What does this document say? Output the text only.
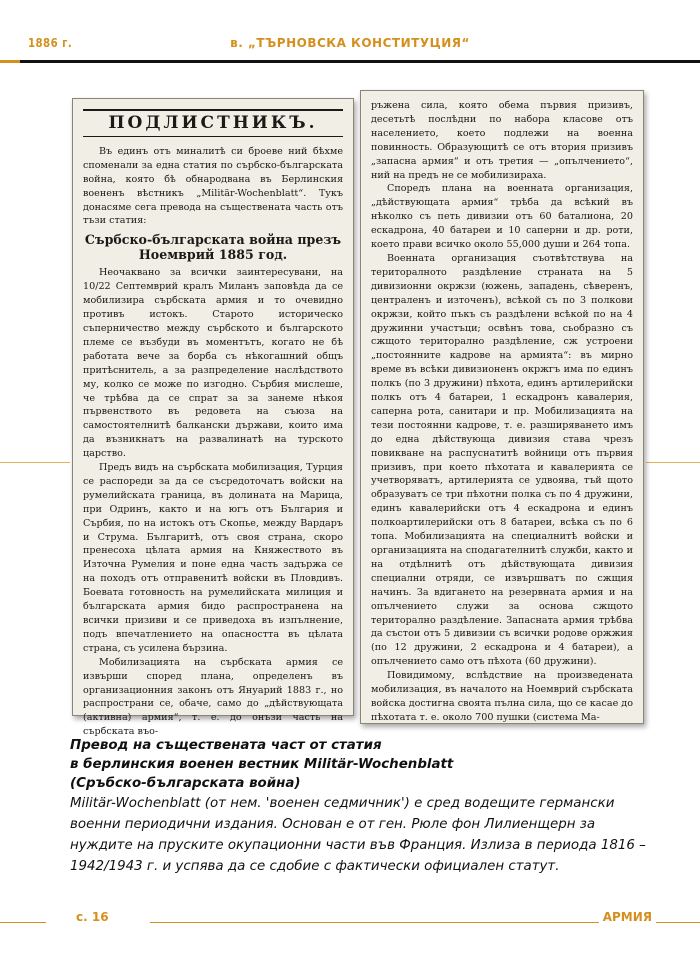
1886 г.	в. „ТЪРНОВСКА КОНСТИТУЦИЯ“
ПОДЛИСТНИКЪ.

Въ единъ отъ миналитѣ си броеве ний бѣхме споменали за една статия по сърбско-българската война, която бѣ обнародвана въ Берлинския воененъ вѣстникъ „Militär-Wochenblatt“. Тукъ донасяме сега превода на съществената часть отъ тъзи статия:

Сърбско-българската война презъ Ноемврий 1885 год.

Неочаквано за всички заинтересувани, на 10/22 Септемврий кралъ Миланъ заповѣда да се мобилизира сърбската армия и то очевидно противъ истокъ. Старото историческо съперничество между сърбското и българското племе се възбуди въ моментътъ, когато не бѣ работата вече за борба съ нѣкогашний общъ притѣснитель, а за разпределение наслѣдството му, колко се може по изгодно. Сърбия мислеше, че трѣбва да се спрат за за занеме нѣкоя първенството въ редовета на съюза на самостоятелнитѣ балкански държави, които има да възникнатъ на развалинатѣ на турското царство.

Предъ видъ на сърбската мобилизация, Турция се распореди за да се съсредоточатъ войски на румелийската граница, въ долината на Марица, при Одринъ, както и на югъ отъ България и Сърбия, по на истокъ отъ Скопье, между Вардаръ и Струма. Българитѣ, отъ своя страна, скоро пренесоха цѣлата армия на Княжеството въ Източна Румелия и поне една часть задържа се на походъ отъ отправенитѣ войски въ Пловдивъ. Боевата готовность на румелийската милиция и българската армия бидо распространена на всички призиви и се приведоха въ изпълнение, подъ впечатлението на опасността въ цѣлата страна, съ усилена бързина.

Мобилизацията на сърбската армия се извърши според плана, определенъ въ организационния законъ отъ Януарий 1883 г., но распространи се, обаче, само до „дѣйствующата (активна) армия“, т. е. до онъзи часть на сърбската въо-

ръжена сила, която обема първия призивъ, десетьтѣ послѣдни по набора класове отъ населението, което подлежи на военна повинность. Образующитѣ се отъ втория призивъ „запасна армия“ и отъ третия — „опълчението“, ний на предъ не се мобилизираха.

Споредъ плана на военната организация, „дѣйствующата армия“ трѣба да всѣкий въ нѣколко съ петь дивизии отъ 60 баталиона, 20 ескадрона, 40 батареи и 10 саперни и др. роти, което прави всичко около 55,000 души и 264 топа.

Военната организация съотвѣтствува на територалното раздѣление страната на 5 дивизионни окржзи (южень, западень, сѣверенъ, централенъ и източенъ), всѣкой съ по 3 полкови окржзи, който пъкъ съ раздѣлени всѣкой по на 4 дружинни участъци; освѣнъ това, сьобразно съ сжщото територално раздѣление, сж устроени „постоянните кадрове на армията“: въ мирно време въ всѣки дивизионенъ окржгъ има по единъ полкъ (по 3 дружини) пѣхота, единъ артилерийски полкъ отъ 4 батареи, 1 ескадронъ кавалерия, саперна рота, санитари и пр. Мобилизацията на тези постоянни кадрове, т. е. разширяването имъ до една дѣйствующа дивизия става чрезъ повикване на распуснатитѣ войници отъ първия призивъ, при което пѣхотата и кавалерията се учетворяватъ, артилерията се удвоява, тъй щото образуватъ се три пѣхотни полка съ по 4 дружини, единъ кавалерийски отъ 4 ескадрона и единъ полкоартилерийски отъ 8 батареи, всѣка съ по 6 топа. Мобилизацията на специалнитѣ войски и организацията на сподагателнитѣ служби, както и на отдѣлнитѣ отъ дѣйствующата дивизия специални отряди, се извършватъ по сжщия начинъ. За вдигането на резервната армия и на опълчението служи за основа сжщото територално раздѣление. Запасната армия трѣбва да състои отъ 5 дивизии съ всички родове оржжия (по 12 дружини, 2 ескадрона и 4 батареи), а опълчението само отъ пѣхота (60 дружини).

Повидимому, вслѣдствие на произведената мобилизация, въ началото на Ноемврий сърбската войска достигна своята пълна сила, що се касае до пѣхотата т. е. около 700 пушки (система Ма-

Превод на съществената част от статия
в берлинския военен вестник Militär-Wochenblatt
(Сръбско-българската война)
Militär-Wochenblatt (от нем. 'военен седмичник') е сред водещите германски военни периодични издания. Основан е от ген. Рюле фон Лилиенщерн за нуждите на пруските окупационни части във Франция. Излиза в периода 1816 – 1942/1943 г. и успява да се сдобие с фактически официален статут.
с. 16	АРМИЯ
